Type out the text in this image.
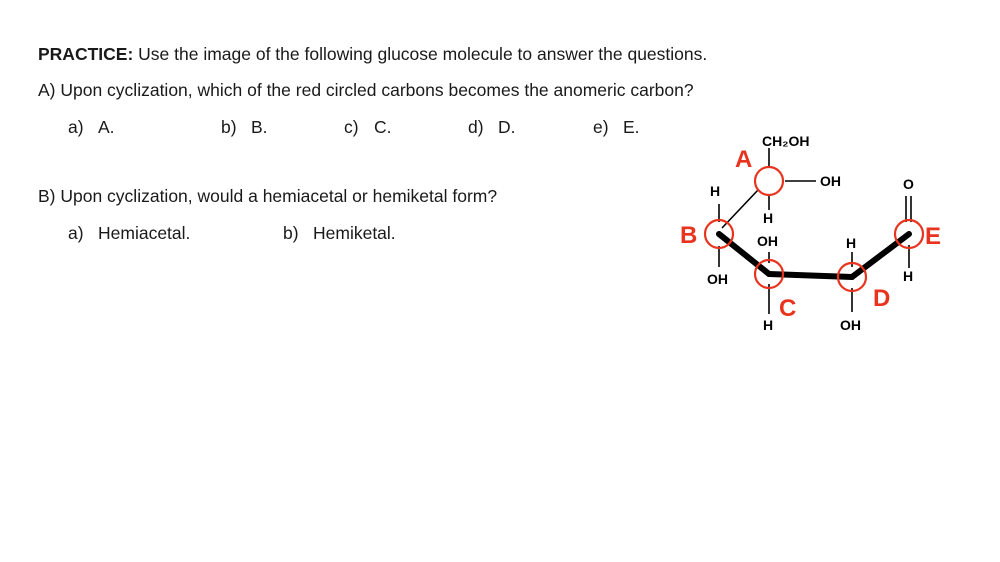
PRACTICE: Use the image of the following glucose molecule to answer the questions.
A) Upon cyclization, which of the red circled carbons becomes the anomeric carbon?
a) A.	b) B.	c) C.	d) D.	e) E.
B) Upon cyclization, would a hemiacetal or hemiketal form?
a) Hemiacetal.	b) Hemiketal.
A
B
C	D
E
CH₂OH
OH
H
OH
H
OH
H
H
OH
O
H
